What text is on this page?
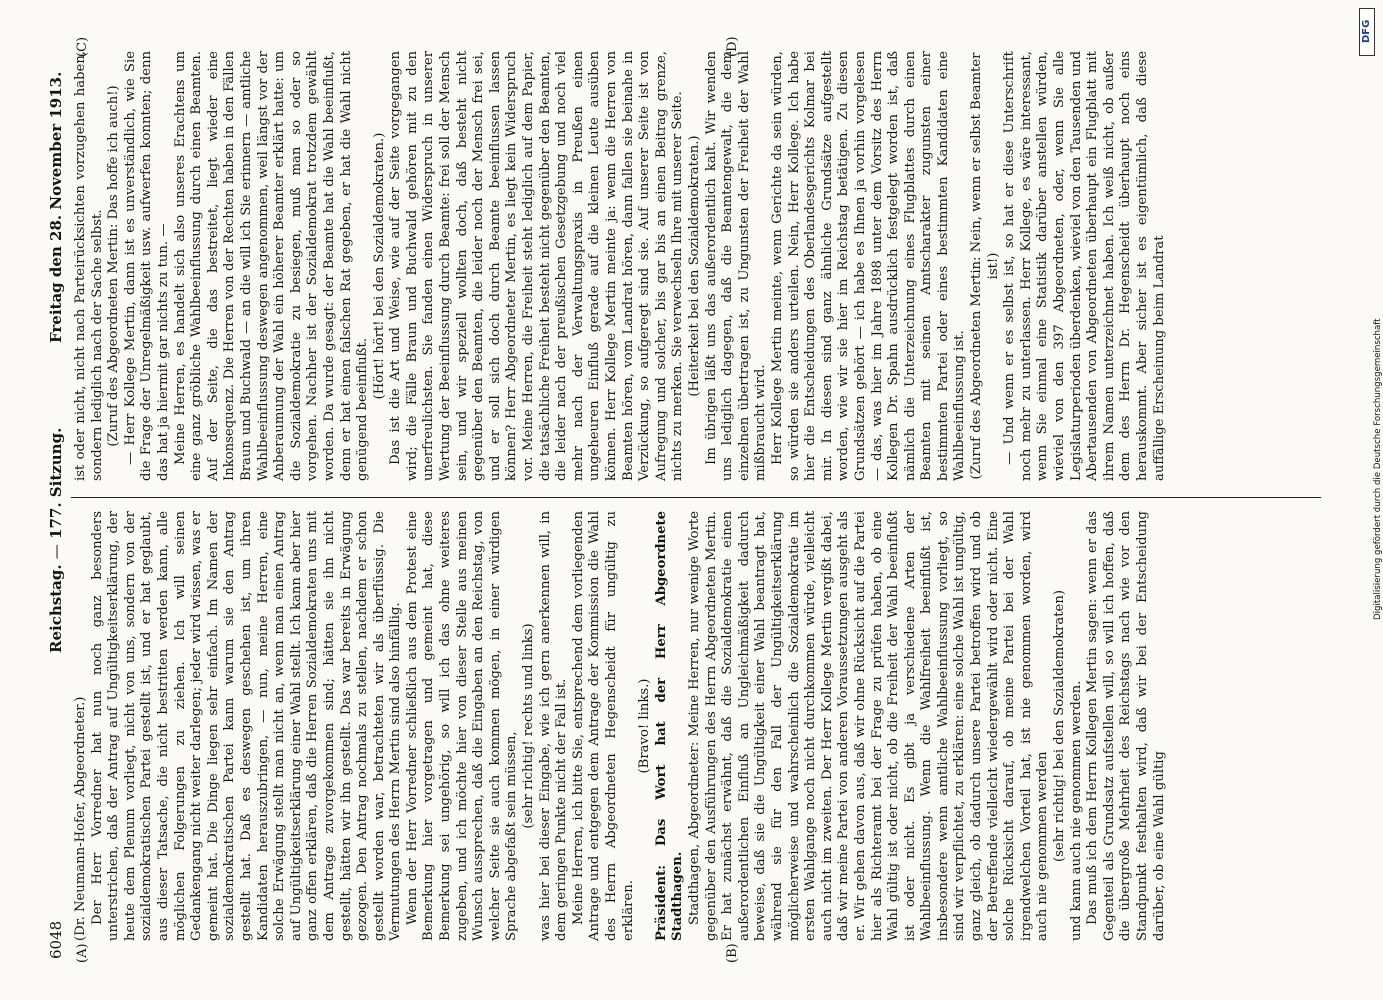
6048
Reichstag. — 177. Sitzung.
Freitag den 28. November 1913.
(A)	(B)
(C)	(D)

(Dr. Neumann-Hofer, Abgeordneter.) Der Herr Vorredner hat nun noch ganz besonders unterstrichen, daß der Antrag auf Ungültigkeitserklärung, der heute dem Plenum vorliegt, nicht von uns, sondern von der sozialdemokratischen Partei gestellt ist, und er hat geglaubt, aus dieser Tatsache, die nicht bestritten werden kann, alle möglichen Folgerungen zu ziehen. Ich will seinen Gedankengang nicht weiter darlegen; jeder wird wissen, was er gemeint hat. Die Dinge liegen sehr einfach. Im Namen der sozialdemokratischen Partei kann warum sie den Antrag gestellt hat. Daß es deswegen geschehen ist, um ihren Kandidaten herauszubringen, — nun, meine Herren, eine solche Erwägung stellt man nicht an, wenn man einen Antrag auf Ungültigkeitserklärung einer Wahl stellt. Ich kann aber hier ganz offen erklären, daß die Herren Sozialdemokraten uns mit dem Antrage zuvorgekommen sind; hätten sie ihn nicht gestellt, hätten wir ihn gestellt. Das war bereits in Erwägung gezogen. Den Antrag nochmals zu stellen, nachdem er schon gestellt worden war, betrachteten wir als überflüssig. Die Vermutungen des Herrn Mertin sind also hinfällig. Wenn der Herr Vorredner schließlich aus dem Protest eine Bemerkung hier vorgetragen und gemeint hat, diese Bemerkung sei ungehörig, so will ich das ohne weiteres zugeben, und ich möchte hier von dieser Stelle aus meinen Wunsch aussprechen, daß die Eingaben an den Reichstag, von welcher Seite sie auch kommen mögen, in einer würdigen Sprache abgefaßt sein müssen,

(sehr richtig! rechts und links) was hier bei dieser Eingabe, wie ich gern anerkennen will, in dem geringen Punkte nicht der Fall ist. Meine Herren, ich bitte Sie, entsprechend dem vorliegenden Antrage und entgegen dem Antrage der Kommission die Wahl des Herrn Abgeordneten Hegenscheidt für ungültig zu erklären.

(Bravo! links.) Präsident: Das Wort hat der Herr Abgeordnete Stadthagen. Stadthagen, Abgeordneter: Meine Herren, nur wenige Worte gegenüber den Ausführungen des Herrn Abgeordneten Mertin. Er hat zunächst erwähnt, daß die Sozialdemokratie einen außerordentlichen Einfluß an Ungleichmäßigkeit dadurch beweise, daß sie die Ungültigkeit einer Wahl beantragt hat, während sie für den Fall der Ungültigkeitserklärung möglicherweise und wahrscheinlich die Sozialdemokratie im ersten Wahlgange noch nicht durchkommen würde, vielleicht auch nicht im zweiten. Der Herr Kollege Mertin vergißt dabei, daß wir meine Partei von anderen Voraussetzungen ausgeht als er. Wir gehen davon aus, daß wir ohne Rücksicht auf die Partei hier als Richteramt bei der Frage zu prüfen haben, ob eine Wahl gültig ist oder nicht, ob die Freiheit der Wahl beeinflußt ist oder nicht. Es gibt ja verschiedene Arten der Wahlbeeinflussung. Wenn die Wahlfreiheit beeinflußt ist, insbesondere wenn amtliche Wahlbeeinflussung vorliegt, so sind wir verpflichtet, zu erklären: eine solche Wahl ist ungültig, ganz gleich, ob dadurch unsere Partei betroffen wird und ob der Betreffende vielleicht wiedergewählt wird oder nicht. Eine solche Rücksicht darauf, ob meine Partei bei der Wahl irgendwelchen Vorteil hat, ist nie genommen worden, wird auch nie genommen werden (sehr richtig! bei den Sozialdemokraten) und kann auch nie genommen werden. Das muß ich dem Herrn Kollegen Mertin sagen: wenn er das Gegenteil als Grundsatz aufstellen will, so will ich hoffen, daß die übergroße Mehrheit des Reichstags nach wie vor den Standpunkt festhalten wird, daß wir bei der Entscheidung darüber, ob eine Wahl gültig

ist oder nicht, nicht nach Parteirücksichten vorzugehen haben, sondern lediglich nach der Sache selbst. (Zuruf des Abgeordneten Mertin: Das hoffe ich auch!) — Herr Kollege Mertin, dann ist es unverständlich, wie Sie die Frage der Unregelmäßigkeit usw. aufwerfen konnten; denn das hat ja hiermit gar nichts zu tun. — Meine Herren, es handelt sich also unseres Erachtens um eine ganz gröbliche Wahlbeeinflussung durch einen Beamten. Auf der Seite, die das bestreitet, liegt wieder eine Inkonsequenz. Die Herren von der Rechten haben in den Fällen Braun und Buchwald — an die will ich Sie erinnern — amtliche Wahlbeeinflussung deswegen angenommen, weil längst vor der Anberaumung der Wahl ein höherer Beamter erklärt hatte: um die Sozialdemokratie zu besiegen, muß man so oder so vorgehen. Nachher ist der Sozialdemokrat trotzdem gewählt worden. Da wurde gesagt: der Beamte hat die Wahl beeinflußt, denn er hat einen falschen Rat gegeben, er hat die Wahl nicht genügend beeinflußt.

(Hört! hört! bei den Sozialdemokraten.) Das ist die Art und Weise, wie auf der Seite vorgegangen wird; die Fälle Braun und Buchwald gehören mit zu den unerfreulichsten. Sie fanden einen Widerspruch in unserer Wertung der Beeinflussung durch Beamte: frei soll der Mensch sein, und wir speziell wollten doch, daß besteht nicht gegenüber den Beamten, die leider noch der Mensch frei sei, und er soll sich doch durch Beamte beeinflussen lassen können? Herr Abgeordneter Mertin, es liegt kein Widerspruch vor. Meine Herren, die Freiheit steht lediglich auf dem Papier, die tatsächliche Freiheit besteht nicht gegenüber den Beamten, die leider nach der preußischen Gesetzgebung und noch viel mehr nach der Verwaltungspraxis in Preußen einen ungeheuren Einfluß gerade auf die kleinen Leute ausüben können. Herr Kollege Mertin meinte ja: wenn die Herren von Beamten hören, vom Landrat hören, dann fallen sie beinahe in Verzückung, so aufgeregt sind sie. Auf unserer Seite ist von Aufregung und solcher, bis gar bis an einen Beitrag grenze, nichts zu merken. Sie verwechseln Ihre mit unserer Seite. (Heiterkeit bei den Sozialdemokraten.) Im übrigen läßt uns das außerordentlich kalt. Wir wenden uns lediglich dagegen, daß die Beamtengewalt, die dem einzelnen übertragen ist, zu Ungunsten der Freiheit der Wahl mißbraucht wird. Herr Kollege Mertin meinte, wenn Gerichte da sein würden, so würden sie anders urteilen. Nein, Herr Kollege. Ich habe hier die Entscheidungen des Oberlandesgerichts Kolmar bei mir. In diesen sind ganz ähnliche Grundsätze aufgestellt worden, wie wir sie hier im Reichstag betätigen. Zu diesen Grundsätzen gehört — ich habe es Ihnen ja vorhin vorgelesen — das, was hier im Jahre 1898 unter dem Vorsitz des Herrn Kollegen Dr. Spahn ausdrücklich festgelegt worden ist, daß nämlich die Unterzeichnung eines Flugblattes durch einen Beamten mit seinen Amtscharakter zugunsten einer bestimmten Partei oder eines bestimmten Kandidaten eine Wahlbeeinflussung ist. (Zuruf des Abgeordneten Mertin: Nein, wenn er selbst Beamter ist!) — Und wenn er es selbst ist, so hat er diese Unterschrift noch mehr zu unterlassen. Herr Kollege, es wäre interessant, wenn Sie einmal eine Statistik darüber anstellen würden, wieviel von den 397 Abgeordneten, oder, wenn Sie alle Legislaturperioden überdenken, wieviel von den Tausenden und Abertausenden von Abgeordneten überhaupt ein Flugblatt mit ihrem Namen unterzeichnet haben. Ich weiß nicht, ob außer dem des Herrn Dr. Hegenscheidt überhaupt noch eins herauskommt. Aber sicher ist es eigentümlich, daß diese auffällige Erscheinung beim Landrat

DFG
Digitalisierung gefördert durch die Deutsche Forschungsgemeinschaft
